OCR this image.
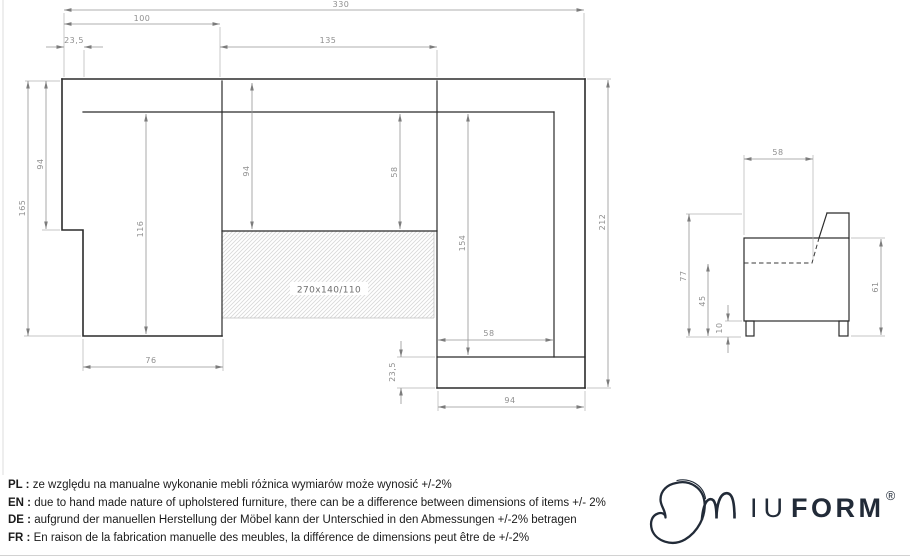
270x140/110
330
100
23,5	135
165
94
116
94	58
154
212
76
58
23,5
94
58
77
45
10
61
PL : ze względu na manualne wykonanie mebli różnica wymiarów może wynosić +/-2%
EN : due to hand made nature of upholstered furniture, there can be a difference between dimensions of items +/- 2%
DE : aufgrund der manuellen Herstellung der Möbel kann der Unterschied in den Abmessungen +/-2% betragen
FR : En raison de la fabrication manuelle des meubles, la différence de dimensions peut être de +/-2%
IU FORM ®
